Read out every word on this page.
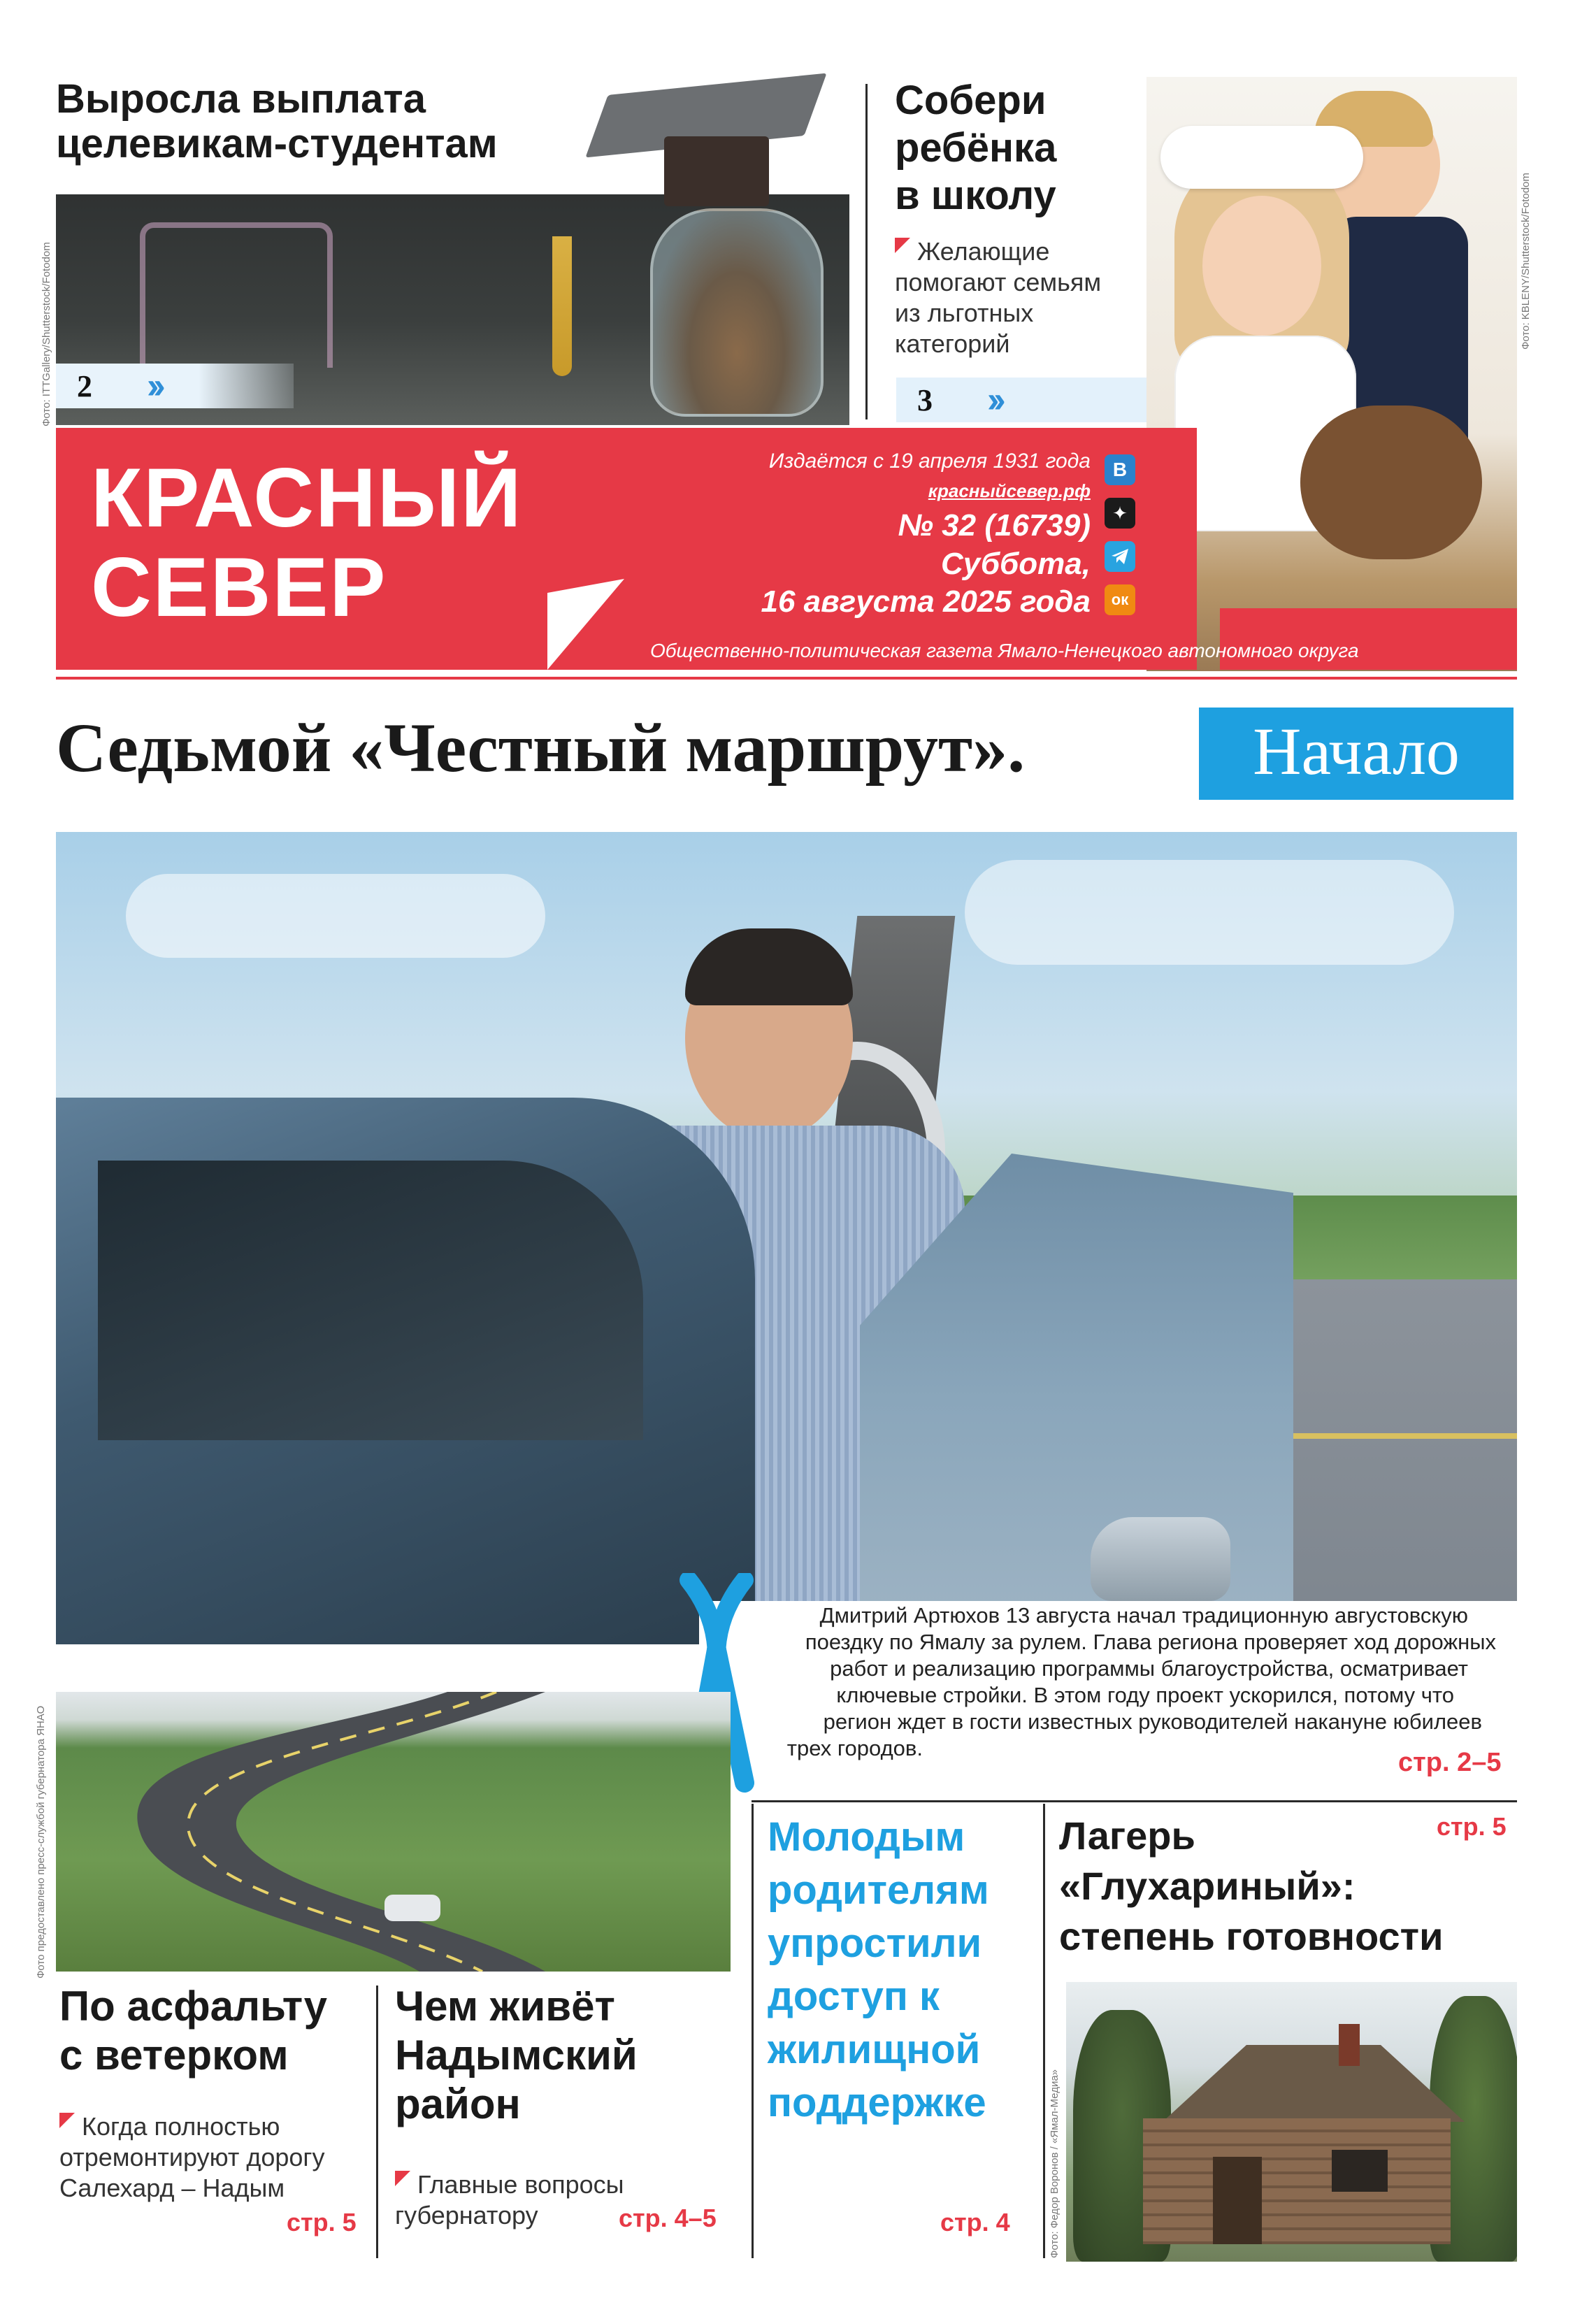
Выросла выплата
целевикам-студентам
2 ››
Фото: ITTGallery/Shutterstock/Fotodom
Собери
ребёнка
в школу
Желающие
помогают семьям
из льготных
категорий
3 ››
Фото: KBLENY/Shutterstock/Fotodom
КРАСНЫЙ
СЕВЕР
Издаётся с 19 апреля 1931 года
красныйсевер.рф
№ 32 (16739)
Суббота,
16 августа 2025 года
Общественно-политическая газета Ямало-Ненецкого автономного округа
В
✦
ок
Седьмой «Честный маршрут».	Начало
Дмитрий Артюхов 13 августа начал традиционную августовскую
поездку по Ямалу за рулем. Глава региона проверяет ход дорожных
работ и реализацию программы благоустройства, осматривает
ключевые стройки. В этом году проект ускорился, потому что
регион ждет в гости известных руководителей накануне юбилеев
трех городов.	стр. 2–5
Фото предоставлено пресс-службой губернатора ЯНАО
По асфальту
с ветерком
Когда полностью
отремонтируют дорогу
Салехард – Надым
стр. 5
Чем живёт
Надымский
район
Главные вопросы
губернатору	стр. 4–5
Молодым
родителям
упростили
доступ к
жилищной
поддержке
стр. 4
Лагерь
«Глухариный»:
степень готовности
стр. 5
Фото: Федор Воронов / «Ямал-Медиа»
